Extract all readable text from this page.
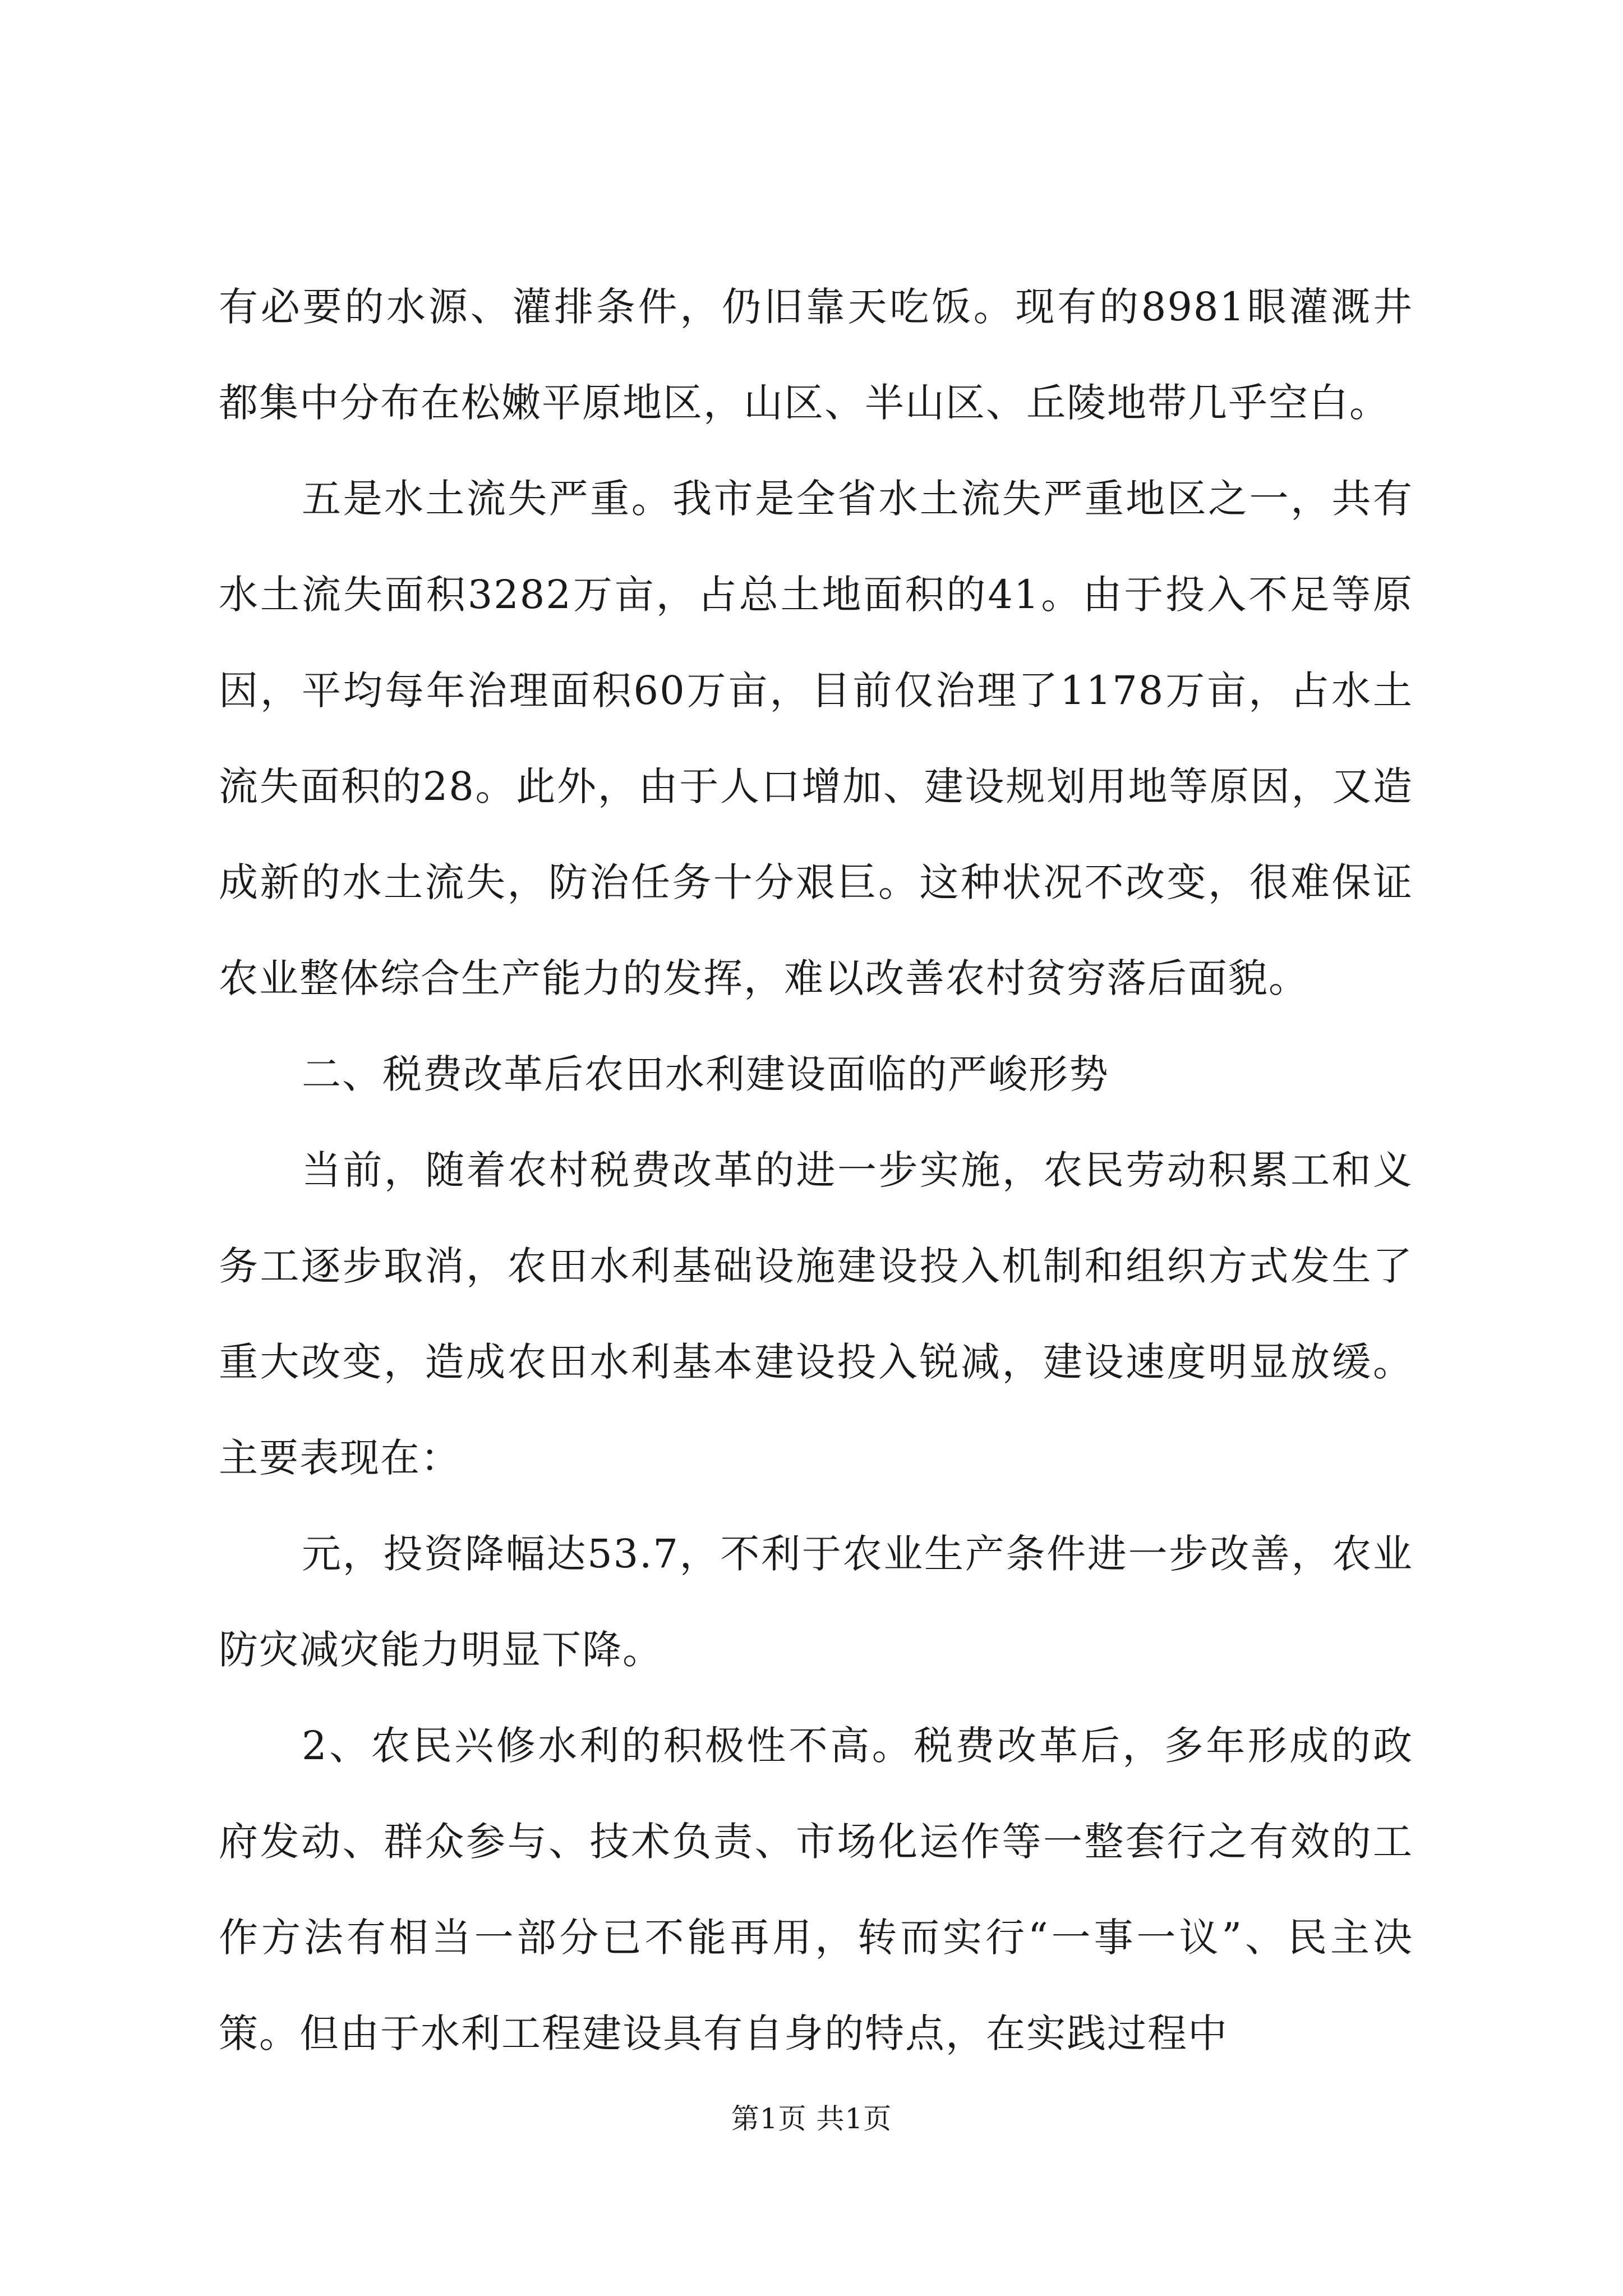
有必要的水源、灌排条件，仍旧靠天吃饭。现有的8981眼灌溉井都集中分布在松嫩平原地区，山区、半山区、丘陵地带几乎空白。

五是水土流失严重。我市是全省水土流失严重地区之一，共有水土流失面积3282万亩，占总土地面积的41。由于投入不足等原因，平均每年治理面积60万亩，目前仅治理了1178万亩，占水土流失面积的28。此外，由于人口增加、建设规划用地等原因，又造成新的水土流失，防治任务十分艰巨。这种状况不改变，很难保证农业整体综合生产能力的发挥，难以改善农村贫穷落后面貌。

二、税费改革后农田水利建设面临的严峻形势

当前，随着农村税费改革的进一步实施，农民劳动积累工和义务工逐步取消，农田水利基础设施建设投入机制和组织方式发生了重大改变，造成农田水利基本建设投入锐减，建设速度明显放缓。主要表现在：

元，投资降幅达53.7，不利于农业生产条件进一步改善，农业防灾减灾能力明显下降。

2、农民兴修水利的积极性不高。税费改革后，多年形成的政府发动、群众参与、技术负责、市场化运作等一整套行之有效的工作方法有相当一部分已不能再用，转而实行“一事一议”、民主决策。但由于水利工程建设具有自身的特点，在实践过程中

第1页 共1页
